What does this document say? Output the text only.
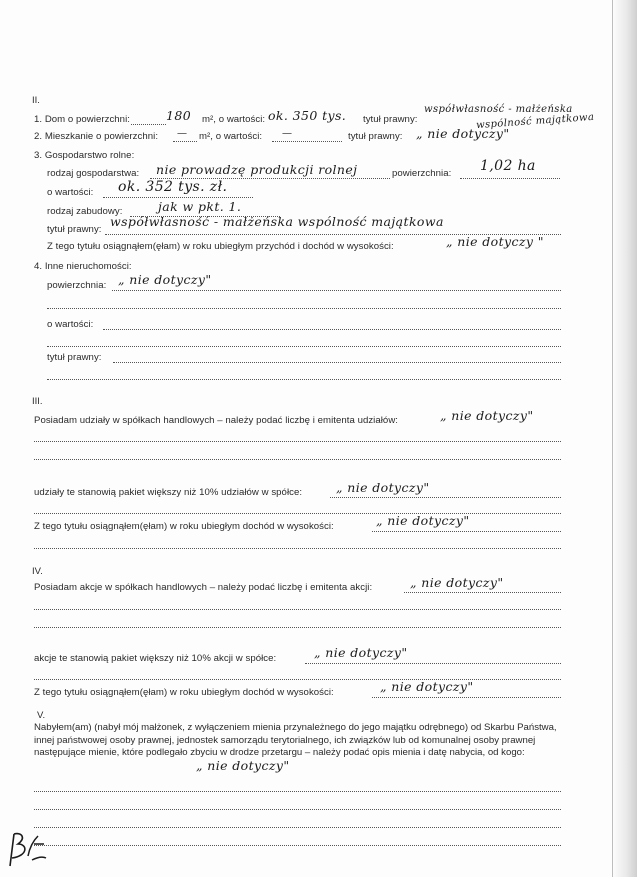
II.
1. Dom o powierzchni:	180 m², o wartości: ok. 350 tys. tytuł prawny:
współwłasność - małżeńska
wspólność majątkowa
2. Mieszkanie o powierzchni: — m², o wartości: —	tytuł prawny: „ nie dotyczy"
3. Gospodarstwo rolne:
rodzaj gospodarstwa: nie prowadzę produkcji rolnej	powierzchnia: 1,02 ha
o wartości: ok. 352 tys. zł.
rodzaj zabudowy:	jak w pkt. 1.
tytuł prawny:
współwłasność - małżeńska wspólność majątkowa
Z tego tytułu osiągnąłem(ęłam) w roku ubiegłym przychód i dochód w wysokości:	„ nie dotyczy "
4. Inne nieruchomości:
powierzchnia: „ nie dotyczy"
o wartości:
tytuł prawny:
III.
Posiadam udziały w spółkach handlowych – należy podać liczbę i emitenta udziałów:	„ nie dotyczy"
udziały te stanowią pakiet większy niż 10% udziałów w spółce:	„ nie dotyczy"
Z tego tytułu osiągnąłem(ęłam) w roku ubiegłym dochód w wysokości:	„ nie dotyczy"
IV.
Posiadam akcje w spółkach handlowych – należy podać liczbę i emitenta akcji:	„ nie dotyczy"
akcje te stanowią pakiet większy niż 10% akcji w spółce:	„ nie dotyczy"
Z tego tytułu osiągnąłem(ęłam) w roku ubiegłym dochód w wysokości:	„ nie dotyczy"
V.
Nabyłem(am) (nabył mój małżonek, z wyłączeniem mienia przynależnego do jego majątku odrębnego) od Skarbu Państwa, innej państwowej osoby prawnej, jednostek samorządu terytorialnego, ich związków lub od komunalnej osoby prawnej następujące mienie, które podlegało zbyciu w drodze przetargu – należy podać opis mienia i datę nabycia, od kogo:
„ nie dotyczy"
